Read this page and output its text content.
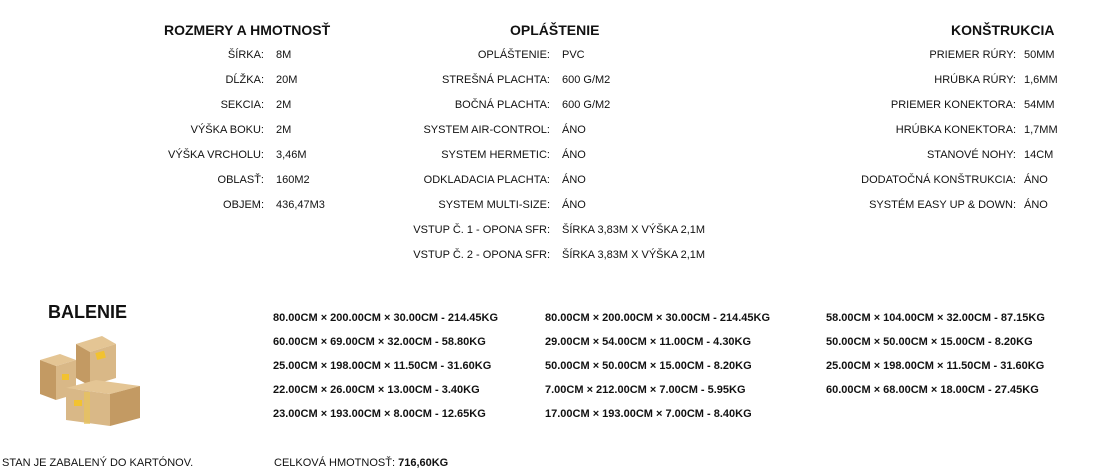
ROZMERY A HMOTNOSŤ	OPLÁŠTENIE	KONŠTRUKCIA
ŠÍRKA: 8M
DĹŽKA: 20M
SEKCIA: 2M
VÝŠKA BOKU: 2M
VÝŠKA VRCHOLU: 3,46M
OBLASŤ: 160M2
OBJEM: 436,47M3
OPLÁŠTENIE: PVC
STREŠNÁ PLACHTA: 600 G/M2
BOČNÁ PLACHTA: 600 G/M2
SYSTEM AIR-CONTROL: ÁNO
SYSTEM HERMETIC: ÁNO
ODKLADACIA PLACHTA: ÁNO
SYSTEM MULTI-SIZE: ÁNO
VSTUP Č. 1 - OPONA SFR: ŠÍRKA 3,83M X VÝŠKA 2,1M
VSTUP Č. 2 - OPONA SFR: ŠÍRKA 3,83M X VÝŠKA 2,1M
PRIEMER RÚRY: 50MM
HRÚBKA RÚRY: 1,6MM
PRIEMER KONEKTORA: 54MM
HRÚBKA KONEKTORA: 1,7MM
STANOVÉ NOHY: 14CM
DODATOČNÁ KONŠTRUKCIA: ÁNO
SYSTÉM EASY UP & DOWN: ÁNO
BALENIE	80.00CM × 200.00CM × 30.00CM - 214.45KG
60.00CM × 69.00CM × 32.00CM - 58.80KG
25.00CM × 198.00CM × 11.50CM - 31.60KG
22.00CM × 26.00CM × 13.00CM - 3.40KG
23.00CM × 193.00CM × 8.00CM - 12.65KG
80.00CM × 200.00CM × 30.00CM - 214.45KG
29.00CM × 54.00CM × 11.00CM - 4.30KG
50.00CM × 50.00CM × 15.00CM - 8.20KG
7.00CM × 212.00CM × 7.00CM - 5.95KG
17.00CM × 193.00CM × 7.00CM - 8.40KG
58.00CM × 104.00CM × 32.00CM - 87.15KG
50.00CM × 50.00CM × 15.00CM - 8.20KG
25.00CM × 198.00CM × 11.50CM - 31.60KG
60.00CM × 68.00CM × 18.00CM - 27.45KG
STAN JE ZABALENÝ DO KARTÓNOV.	CELKOVÁ HMOTNOSŤ: 716,60KG
